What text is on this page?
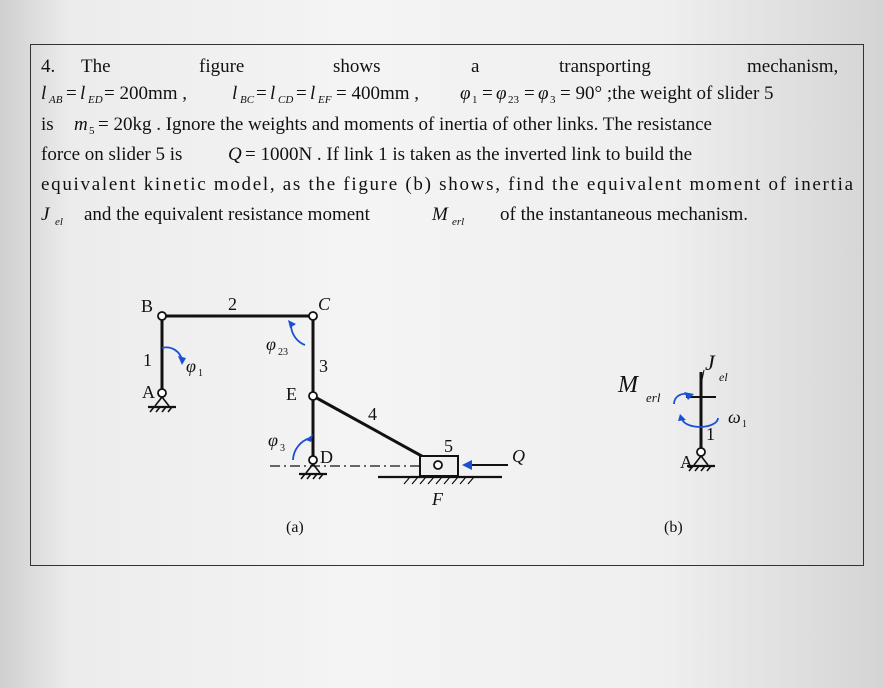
4. The	figure	shows	a	transporting	mechanism,
l AB = l ED = 200mm , l BC = l CD = l EF = 400mm , φ 1 = φ 23 = φ 3 = 90° ;the weight of slider 5
is m 5 = 20kg . Ignore the weights and moments of inertia of other links. The resistance
force on slider 5 is Q = 1000N . If link 1 is taken as the inverted link to build the
equivalent kinetic model, as the figure (b) shows, find the equivalent moment of inertia
J el and the equivalent resistance moment	M erl of the instantaneous mechanism.
B	2	C
1 φ 1
A
φ 23
3
E
4
φ 3 D
5	Q
F
(a)
M erl
J
el
ω 1
1
A
(b)
